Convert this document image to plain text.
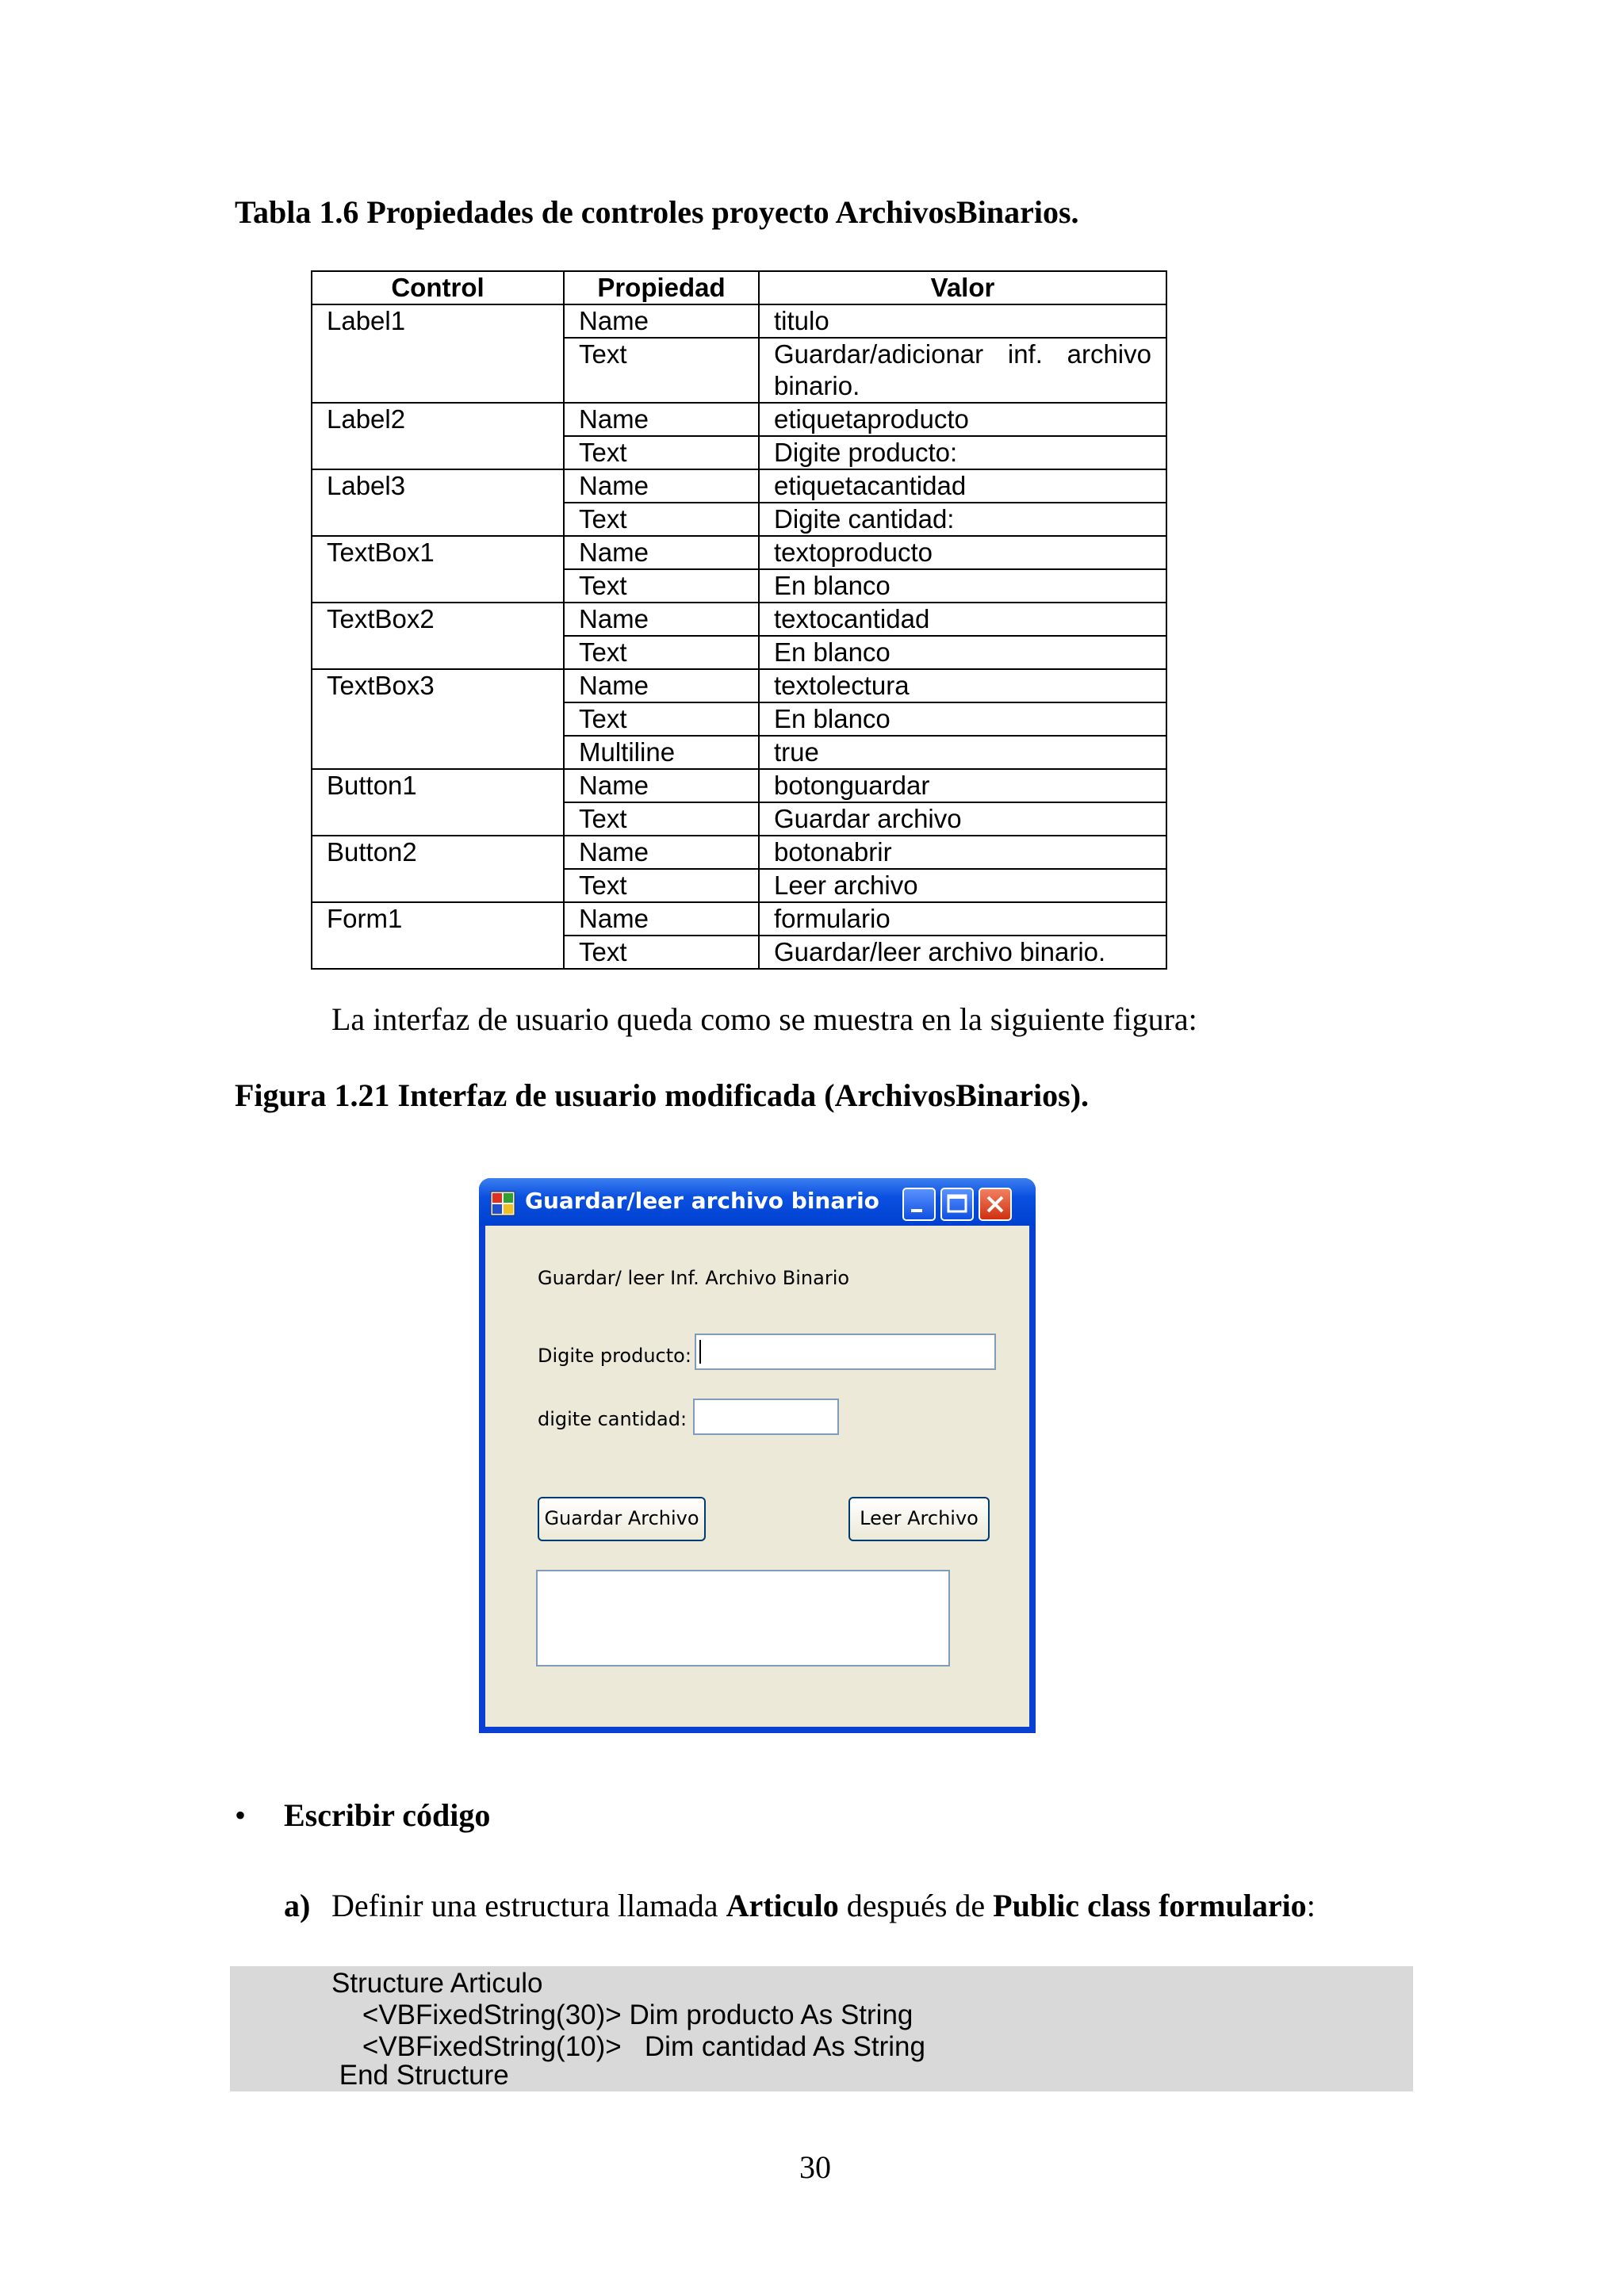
Tabla 1.6 Propiedades de controles proyecto ArchivosBinarios.
Control	Propiedad	Valor
Label1	Name	titulo
	Text	Guardar/adicionar inf. archivo binario.
Label2	Name	etiquetaproducto
	Text	Digite producto:
Label3	Name	etiquetacantidad
	Text	Digite cantidad:
TextBox1	Name	textoproducto
	Text	En blanco
TextBox2	Name	textocantidad
	Text	En blanco
TextBox3	Name	textolectura
	Text	En blanco
	Multiline	true
Button1	Name	botonguardar
	Text	Guardar archivo
Button2	Name	botonabrir
	Text	Leer archivo
Form1	Name	formulario
	Text	Guardar/leer archivo binario.
La interfaz de usuario queda como se muestra en la siguiente figura:
Figura 1.21 Interfaz de usuario modificada (ArchivosBinarios).
Guardar/leer archivo binario
Guardar/ leer Inf. Archivo Binario
Digite producto:
digite cantidad:
Guardar Archivo	Leer Archivo
• Escribir código
a) Definir una estructura llamada Articulo después de Public class formulario:
Structure Articulo
<VBFixedString(30)> Dim producto As String
<VBFixedString(10)>   Dim cantidad As String
End Structure
30
